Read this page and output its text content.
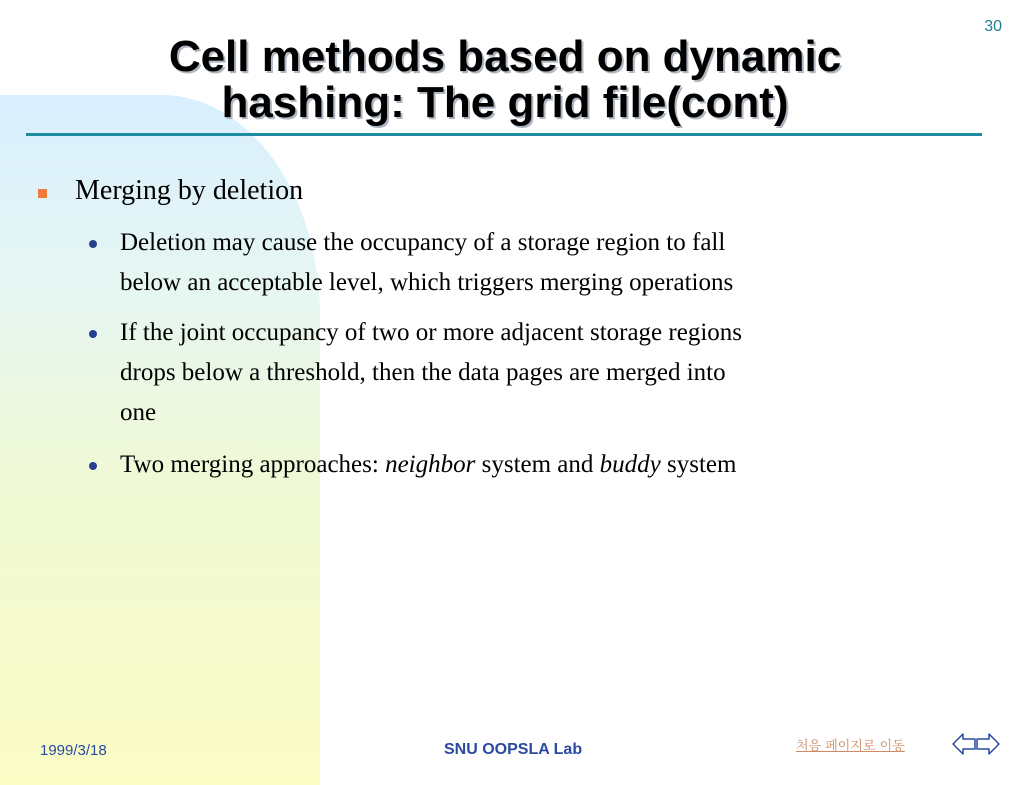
30
Cell methods based on dynamic
hashing: The grid file(cont)
Merging by deletion
Deletion may cause the occupancy of a storage region to fall
below an acceptable level, which triggers merging operations
If the joint occupancy of two or more adjacent storage regions
drops below a threshold, then the data pages are merged into
one
Two merging approaches: neighbor system and buddy system
1999/3/18	SNU OOPSLA Lab	처음 페이지로 이동
